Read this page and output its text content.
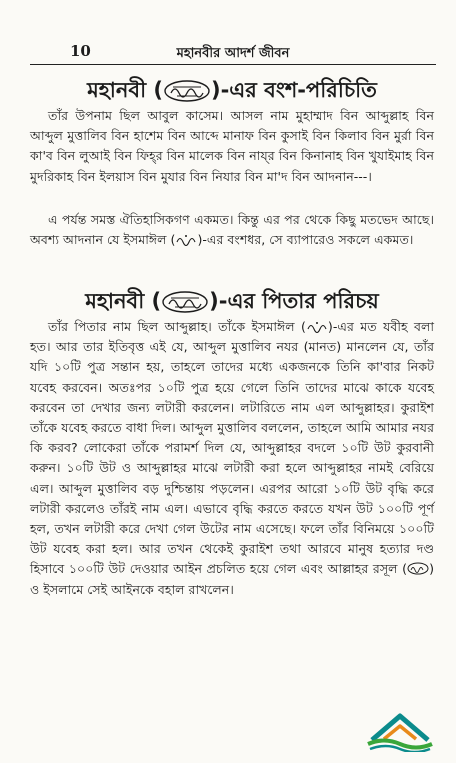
10	মহানবীর আদর্শ জীবন
মহানবী ( )-এর বংশ-পরিচিতি

তাঁর উপনাম ছিল আবুল কাসেম। আসল নাম মুহাম্মাদ বিন আব্দুল্লাহ বিন আব্দুল মুত্তালিব বিন হাশেম বিন আব্দে মানাফ বিন কুসাই বিন কিলাব বিন মুর্রা বিন কা'ব বিন লুআই বিন ফিহ্‌র বিন মালেক বিন নায্‌র বিন কিনানাহ বিন খুযাইমাহ বিন মুদরিকাহ বিন ইলয়াস বিন মুযার বিন নিযার বিন মা'দ বিন আদনান---।

এ পর্যন্ত সমস্ত ঐতিহাসিকগণ একমত। কিন্তু এর পর থেকে কিছু মতভেদ আছে। অবশ্য আদনান যে ইসমাঈল ( )-এর বংশধর, সে ব্যাপারেও সকলে একমত।

মহানবী ( )-এর পিতার পরিচয়

তাঁর পিতার নাম ছিল আব্দুল্লাহ। তাঁকে ইসমাঈল ( )-এর মত যবীহ বলা হত। আর তার ইতিবৃত্ত এই যে, আব্দুল মুত্তালিব নযর (মানত) মানলেন যে, তাঁর যদি ১০টি পুত্র সন্তান হয়, তাহলে তাদের মধ্যে একজনকে তিনি কা'বার নিকট যবেহ করবেন। অতঃপর ১০টি পুত্র হয়ে গেলে তিনি তাদের মাঝে কাকে যবেহ করবেন তা দেখার জন্য লটারী করলেন। লটারিতে নাম এল আব্দুল্লাহর। কুরাইশ তাঁকে যবেহ করতে বাধা দিল। আব্দুল মুত্তালিব বললেন, তাহলে আমি আমার নযর কি করব? লোকেরা তাঁকে পরামর্শ দিল যে, আব্দুল্লাহর বদলে ১০টি উট কুরবানী করুন। ১০টি উট ও আব্দুল্লাহর মাঝে লটারী করা হলে আব্দুল্লাহর নামই বেরিয়ে এল। আব্দুল মুত্তালিব বড় দুশ্চিন্তায় পড়লেন। এরপর আরো ১০টি উট বৃদ্ধি করে লটারী করলেও তাঁরই নাম এল। এভাবে বৃদ্ধি করতে করতে যখন উট ১০০টি পূর্ণ হল, তখন লটারী করে দেখা গেল উটের নাম এসেছে। ফলে তাঁর বিনিময়ে ১০০টি উট যবেহ করা হল। আর তখন থেকেই কুরাইশ তথা আরবে মানুষ হত্যার দণ্ড হিসাবে ১০০টি উট দেওয়ার আইন প্রচলিত হয়ে গেল এবং আল্লাহর রসূল ( ) ও ইসলামে সেই আইনকে বহাল রাখলেন।
